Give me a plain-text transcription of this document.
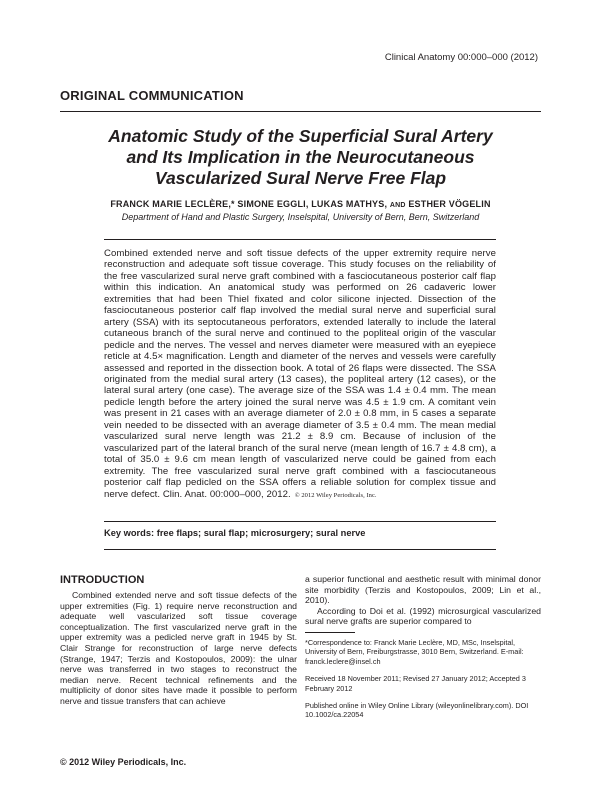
Clinical Anatomy 00:000–000 (2012)
ORIGINAL COMMUNICATION
Anatomic Study of the Superficial Sural Artery
and Its Implication in the Neurocutaneous
Vascularized Sural Nerve Free Flap
FRANCK MARIE LECLÈRE,* SIMONE EGGLI, LUKAS MATHYS, AND ESTHER VÖGELIN
Department of Hand and Plastic Surgery, Inselspital, University of Bern, Bern, Switzerland
Combined extended nerve and soft tissue defects of the upper extremity require nerve reconstruction and adequate soft tissue coverage. This study focuses on the reliability of the free vascularized sural nerve graft combined with a fasciocutaneous posterior calf flap within this indication. An anatomical study was performed on 26 cadaveric lower extremities that had been Thiel fixated and color silicone injected. Dissection of the fasciocutaneous posterior calf flap involved the medial sural nerve and superficial sural artery (SSA) with its septocutaneous perforators, extended laterally to include the lateral cutaneous branch of the sural nerve and continued to the popliteal origin of the vascular pedicle and the nerves. The vessel and nerves diameter were measured with an eyepiece reticle at 4.5× magnification. Length and diameter of the nerves and vessels were carefully assessed and reported in the dissection book. A total of 26 flaps were dissected. The SSA originated from the medial sural artery (13 cases), the popliteal artery (12 cases), or the lateral sural artery (one case). The average size of the SSA was 1.4 ± 0.4 mm. The mean pedicle length before the artery joined the sural nerve was 4.5 ± 1.9 cm. A comitant vein was present in 21 cases with an average diameter of 2.0 ± 0.8 mm, in 5 cases a separate vein needed to be dissected with an average diameter of 3.5 ± 0.4 mm. The mean medial vascularized sural nerve length was 21.2 ± 8.9 cm. Because of inclusion of the vascularized part of the lateral branch of the sural nerve (mean length of 16.7 ± 4.8 cm), a total of 35.0 ± 9.6 cm mean length of vascularized nerve could be gained from each extremity. The free vascularized sural nerve graft combined with a fasciocutaneous posterior calf flap pedicled on the SSA offers a reliable solution for complex tissue and nerve defect. Clin. Anat. 00:000–000, 2012. © 2012 Wiley Periodicals, Inc.
Key words: free flaps; sural flap; microsurgery; sural nerve
INTRODUCTION

Combined extended nerve and soft tissue defects of the upper extremities (Fig. 1) require nerve reconstruction and adequate well vascularized soft tissue coverage conceptualization. The first vascularized nerve graft in the upper extremity was a pedicled nerve graft in 1945 by St. Clair Strange for reconstruction of large nerve defects (Strange, 1947; Terzis and Kostopoulos, 2009): the ulnar nerve was transferred in two stages to reconstruct the median nerve. Recent technical refinements and the multiplicity of donor sites have made it possible to perform nerve and tissue transfers that can achieve

a superior functional and aesthetic result with minimal donor site morbidity (Terzis and Kostopoulos, 2009; Lin et al., 2010).

According to Doi et al. (1992) microsurgical vascularized sural nerve grafts are superior compared to

*Correspondence to: Franck Marie Leclère, MD, MSc, Inselspital, University of Bern, Freiburgstrasse, 3010 Bern, Switzerland. E-mail: franck.leclere@insel.ch

Received 18 November 2011; Revised 27 January 2012; Accepted 3 February 2012

Published online in Wiley Online Library (wileyonlinelibrary.com). DOI 10.1002/ca.22054

© 2012 Wiley Periodicals, Inc.
